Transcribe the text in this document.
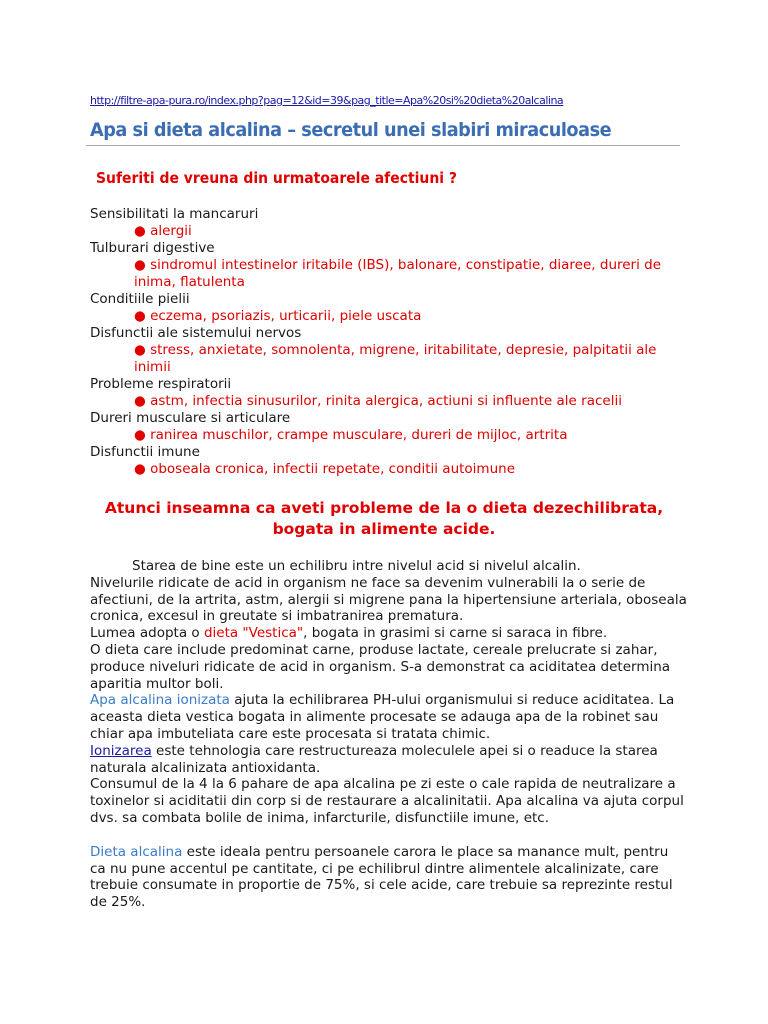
http://filtre-apa-pura.ro/index.php?pag=12&id=39&pag_title=Apa%20si%20dieta%20alcalina
Apa si dieta alcalina – secretul unei slabiri miraculoase
Suferiti de vreuna din urmatoarele afectiuni ?
Sensibilitati la mancaruri
● alergii
Tulburari digestive
● sindromul intestinelor iritabile (IBS), balonare, constipatie, diaree, dureri de inima, flatulenta
Conditiile pielii
● eczema, psoriazis, urticarii, piele uscata
Disfunctii ale sistemului nervos
● stress, anxietate, somnolenta, migrene, iritabilitate, depresie, palpitatii ale inimii
Probleme respiratorii
● astm, infectia sinusurilor, rinita alergica, actiuni si influente ale racelii
Dureri musculare si articulare
● ranirea muschilor, crampe musculare, dureri de mijloc, artrita
Disfunctii imune
● oboseala cronica, infectii repetate, conditii autoimune
Atunci inseamna ca aveti probleme de la o dieta dezechilibrata, bogata in alimente acide.

Starea de bine este un echilibru intre nivelul acid si nivelul alcalin.

Nivelurile ridicate de acid in organism ne face sa devenim vulnerabili la o serie de afectiuni, de la artrita, astm, alergii si migrene pana la hipertensiune arteriala, oboseala cronica, excesul in greutate si imbatranirea prematura.

Lumea adopta o dieta "Vestica", bogata in grasimi si carne si saraca in fibre.

O dieta care include predominat carne, produse lactate, cereale prelucrate si zahar, produce niveluri ridicate de acid in organism. S-a demonstrat ca aciditatea determina aparitia multor boli.

Apa alcalina ionizata ajuta la echilibrarea PH-ului organismului si reduce aciditatea. La aceasta dieta vestica bogata in alimente procesate se adauga apa de la robinet sau chiar apa imbuteliata care este procesata si tratata chimic.

Ionizarea este tehnologia care restructureaza moleculele apei si o readuce la starea naturala alcalinizata antioxidanta.

Consumul de la 4 la 6 pahare de apa alcalina pe zi este o cale rapida de neutralizare a toxinelor si aciditatii din corp si de restaurare a alcalinitatii. Apa alcalina va ajuta corpul dvs. sa combata bolile de inima, infarcturile, disfunctiile imune, etc.

Dieta alcalina este ideala pentru persoanele carora le place sa manance mult, pentru ca nu pune accentul pe cantitate, ci pe echilibrul dintre alimentele alcalinizate, care trebuie consumate in proportie de 75%, si cele acide, care trebuie sa reprezinte restul de 25%.
